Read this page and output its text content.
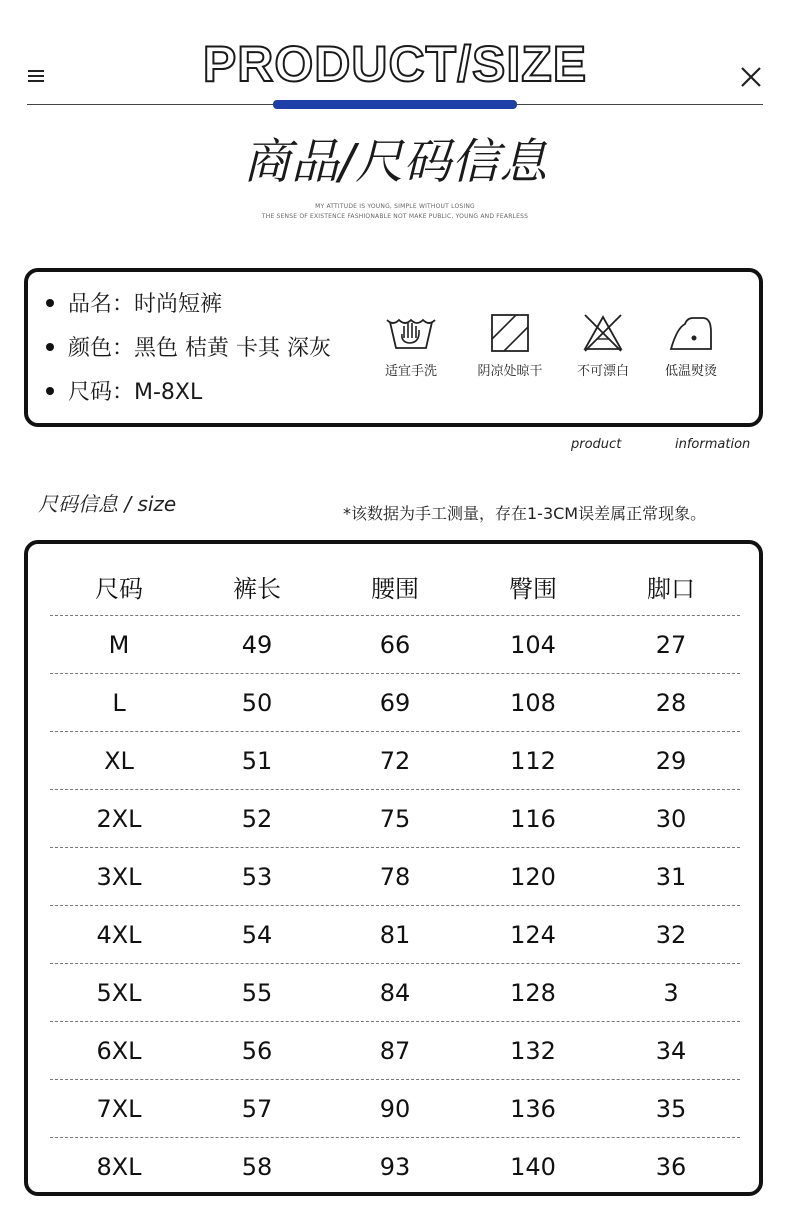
PRODUCT/SIZE
商品/尺码信息
MY ATTITUDE IS YOUNG, SIMPLE WITHOUT LOSING
THE SENSE OF EXISTENCE FASHIONABLE NOT MAKE PUBLIC, YOUNG AND FEARLESS
品名：时尚短裤
颜色：黑色 桔黄 卡其 深灰
尺码：M-8XL
适宜手洗	阴凉处晾干	不可漂白	低温熨烫
product	information
尺码信息 / size	*该数据为手工测量，存在1-3CM误差属正常现象。
尺码	裤长	腰围	臀围	脚口
M	49	66	104	27
L	50	69	108	28
XL	51	72	112	29
2XL	52	75	116	30
3XL	53	78	120	31
4XL	54	81	124	32
5XL	55	84	128	3
6XL	56	87	132	34
7XL	57	90	136	35
8XL	58	93	140	36
